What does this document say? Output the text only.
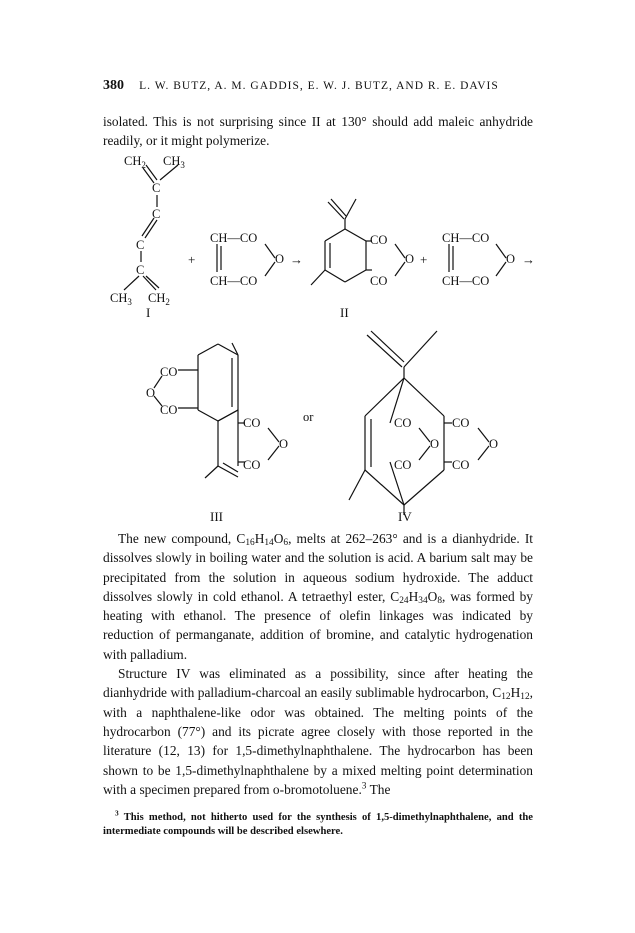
380 L. W. BUTZ, A. M. GADDIS, E. W. J. BUTZ, AND R. E. DAVIS
isolated. This is not surprising since II at 130° should add maleic anhydride readily, or it might polymerize.
$CH_2$ $CH_3$
C
C
C
C
$CH_3$ $CH_2$
I
+
CH—CO
O
CH—CO
→
CO
O
CO
II
+
CH—CO
O
CH—CO
→
CO
O
CO
CO
O
CO
III
or	CO
O
CO
CO
O
CO
IV

The new compound, $C_{16}H_{14}O_6$, melts at 262–263° and is a dianhydride. It dissolves slowly in boiling water and the solution is acid. A barium salt may be precipitated from the solution in aqueous sodium hydroxide. The adduct dissolves slowly in cold ethanol. A tetraethyl ester, $C_{24}H_{34}O_8$, was formed by heating with ethanol. The presence of olefin linkages was indicated by reduction of permanganate, addition of bromine, and catalytic hydrogenation with palladium.

Structure IV was eliminated as a possibility, since after heating the dianhydride with palladium-charcoal an easily sublimable hydrocarbon, $C_{12}H_{12}$, with a naphthalene-like odor was obtained. The melting points of the hydrocarbon (77°) and its picrate agree closely with those reported in the literature (12, 13) for 1,5-dimethylnaphthalene. The hydrocarbon has been shown to be 1,5-dimethylnaphthalene by a mixed melting point determination with a specimen prepared from o-bromotoluene.$^3$ The

$^3$ This method, not hitherto used for the synthesis of 1,5-dimethylnaphthalene, and the intermediate compounds will be described elsewhere.
